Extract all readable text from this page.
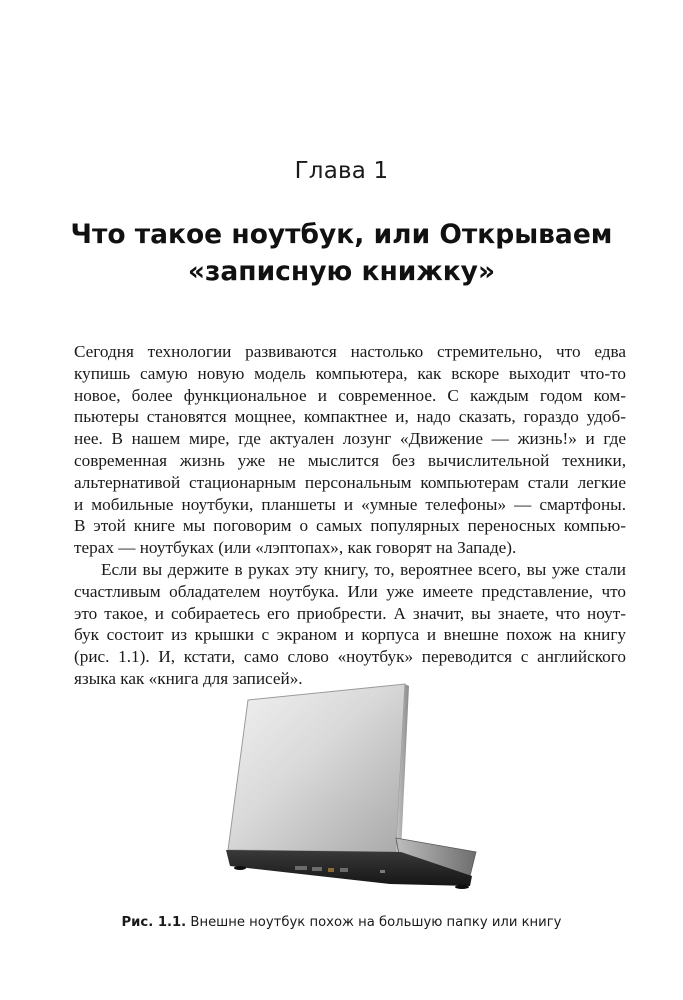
Глава 1
Что такое ноутбук, или Открываем
«записную книжку»
Сегодня технологии развиваются настолько стремительно, что едва
купишь самую новую модель компьютера, как вскоре выходит что-то
новое, более функциональное и современное. С каждым годом ком-
пьютеры становятся мощнее, компактнее и, надо сказать, гораздо удоб-
нее. В нашем мире, где актуален лозунг «Движение — жизнь!» и где
современная жизнь уже не мыслится без вычислительной техники,
альтернативой стационарным персональным компьютерам стали легкие
и мобильные ноутбуки, планшеты и «умные телефоны» — смартфоны.
В этой книге мы поговорим о самых популярных переносных компью-
терах — ноутбуках (или «лэптопах», как говорят на Западе).
Если вы держите в руках эту книгу, то, вероятнее всего, вы уже стали
счастливым обладателем ноутбука. Или уже имеете представление, что
это такое, и собираетесь его приобрести. А значит, вы знаете, что ноут-
бук состоит из крышки с экраном и корпуса и внешне похож на книгу
(рис. 1.1). И, кстати, само слово «ноутбук» переводится с английского
языка как «книга для записей».
Рис. 1.1. Внешне ноутбук похож на большую папку или книгу
